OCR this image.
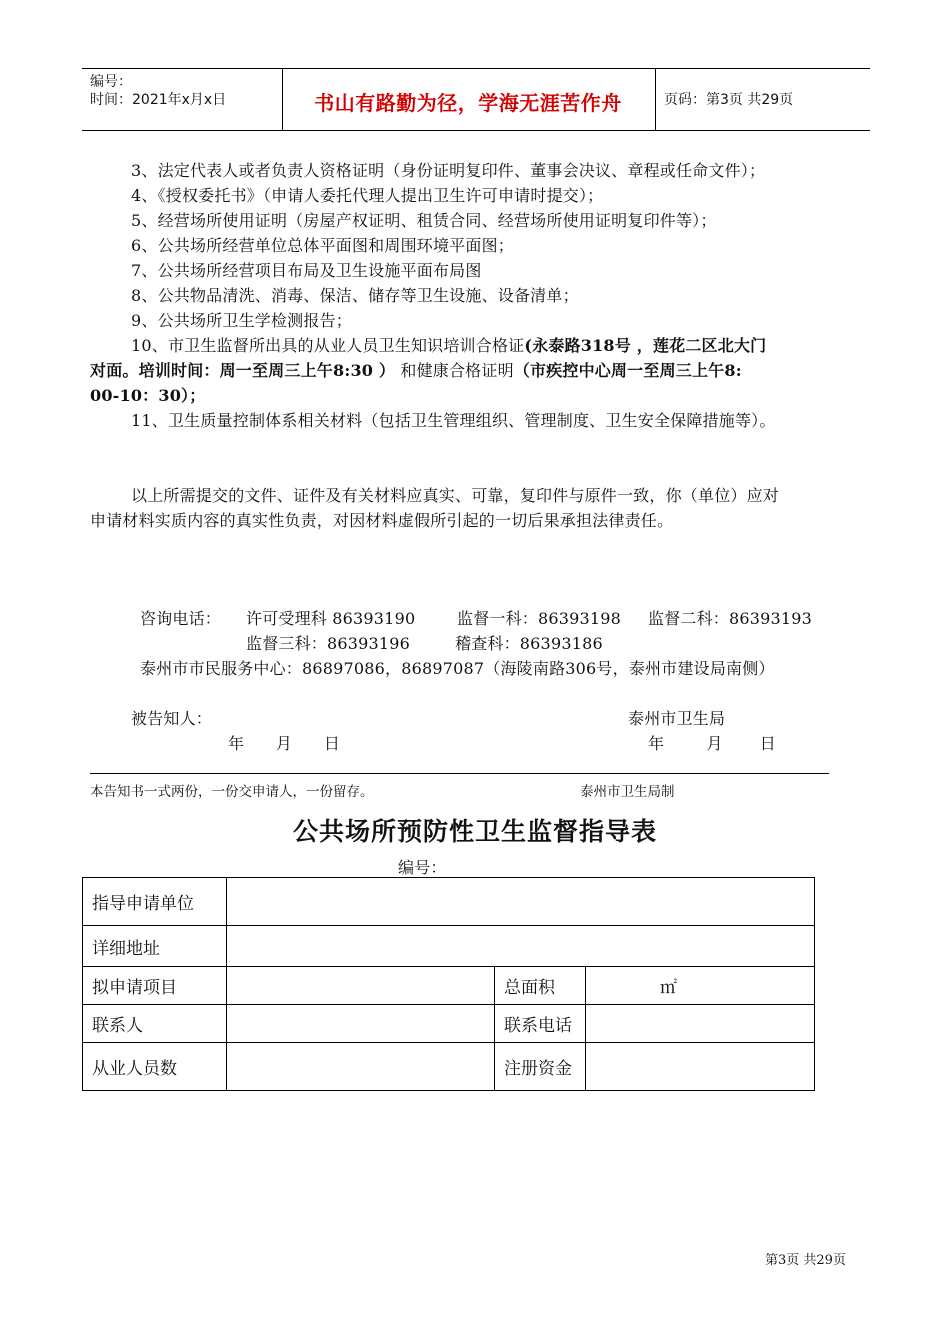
编号：
时间：2021年x月x日	书山有路勤为径，学海无涯苦作舟	页码：第3页 共29页
3、法定代表人或者负责人资格证明（身份证明复印件、董事会决议、章程或任命文件）；
4、《授权委托书》（申请人委托代理人提出卫生许可申请时提交）；
5、经营场所使用证明（房屋产权证明、租赁合同、经营场所使用证明复印件等）；
6、公共场所经营单位总体平面图和周围环境平面图；
7、公共场所经营项目布局及卫生设施平面布局图
8、公共物品清洗、消毒、保洁、储存等卫生设施、设备清单；
9、公共场所卫生学检测报告；
10、市卫生监督所出具的从业人员卫生知识培训合格证(永泰路318号 ，莲花二区北大门
对面。培训时间：周一至周三上午8:30 ） 和健康合格证明（市疾控中心周一至周三上午8:
00-10：30）；
11、卫生质量控制体系相关材料（包括卫生管理组织、管理制度、卫生安全保障措施等）。
以上所需提交的文件、证件及有关材料应真实、可靠，复印件与原件一致，你（单位）应对
申请材料实质内容的真实性负责，对因材料虚假所引起的一切后果承担法律责任。
咨询电话： 许可受理科 86393190	监督一科：86393198 监督二科：86393193
监督三科：86393196	稽查科：86393186
泰州市市民服务中心：86897086，86897087（海陵南路306号，泰州市建设局南侧）
被告知人：	泰州市卫生局
年      月      日	年        月       日
本告知书一式两份，一份交申请人，一份留存。	泰州市卫生局制
公共场所预防性卫生监督指导表
编号：
指导申请单位			
详细地址			
拟申请项目		总面积	㎡
联系人		联系电话	
从业人员数		注册资金	
第3页 共29页
